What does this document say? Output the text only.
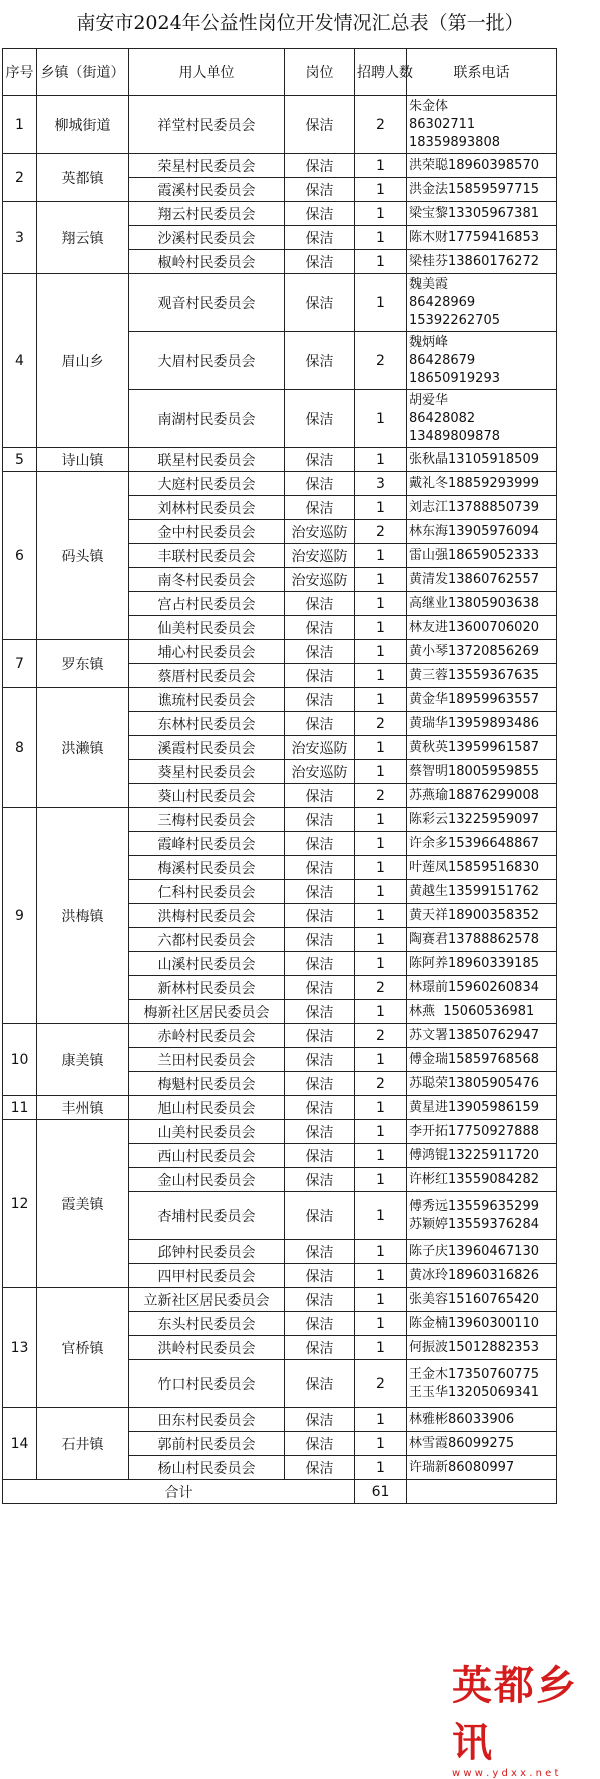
南安市2024年公益性岗位开发情况汇总表（第一批）
序号	乡镇（街道）	用人单位	岗位	招聘人数	联系电话
1	柳城街道	祥堂村民委员会	保洁	2	朱金体
86302711
18359893808
2	英都镇	荣星村民委员会	保洁	1	洪荣聪18960398570
		霞溪村民委员会	保洁	1	洪金法15859597715
3	翔云镇	翔云村民委员会	保洁	1	梁宝黎13305967381
		沙溪村民委员会	保洁	1	陈木财17759416853
		椒岭村民委员会	保洁	1	梁桂芬13860176272
4	眉山乡	观音村民委员会	保洁	1	魏美霞
86428969
15392262705
		大眉村民委员会	保洁	2	魏炳峰
86428679
18650919293
		南湖村民委员会	保洁	1	胡爱华
86428082
13489809878
5	诗山镇	联星村民委员会	保洁	1	张秋晶13105918509
6	码头镇	大庭村民委员会	保洁	3	戴礼冬18859293999
		刘林村民委员会	保洁	1	刘志江13788850739
		金中村民委员会	治安巡防	2	林东海13905976094
		丰联村民委员会	治安巡防	1	雷山强18659052333
		南冬村民委员会	治安巡防	1	黄清发13860762557
		宫占村民委员会	保洁	1	高继业13805903638
		仙美村民委员会	保洁	1	林友进13600706020
7	罗东镇	埔心村民委员会	保洁	1	黄小琴13720856269
		蔡厝村民委员会	保洁	1	黄三蓉13559367635
8	洪濑镇	谯琉村民委员会	保洁	1	黄金华18959963557
		东林村民委员会	保洁	2	黄瑞华13959893486
		溪霞村民委员会	治安巡防	1	黄秋英13959961587
		葵星村民委员会	治安巡防	1	蔡智明18005959855
		葵山村民委员会	保洁	2	苏燕瑜18876299008
9	洪梅镇	三梅村民委员会	保洁	1	陈彩云13225959097
		霞峰村民委员会	保洁	1	许余多15396648867
		梅溪村民委员会	保洁	1	叶莲凤15859516830
		仁科村民委员会	保洁	1	黄越生13599151762
		洪梅村民委员会	保洁	1	黄天祥18900358352
		六都村民委员会	保洁	1	陶赛君13788862578
		山溪村民委员会	保洁	1	陈阿养18960339185
		新林村民委员会	保洁	2	林璟前15960260834
		梅新社区居民委员会	保洁	1	林燕  15060536981
10	康美镇	赤岭村民委员会	保洁	2	苏文署13850762947
		兰田村民委员会	保洁	1	傅金瑞15859768568
		梅魁村民委员会	保洁	2	苏聪荣13805905476
11	丰州镇	旭山村民委员会	保洁	1	黄星进13905986159
12	霞美镇	山美村民委员会	保洁	1	李开拓17750927888
		西山村民委员会	保洁	1	傅鸿锟13225911720
		金山村民委员会	保洁	1	许彬红13559084282
		杏埔村民委员会	保洁	1	傅秀远13559635299
苏颖婷13559376284
		邱钟村民委员会	保洁	1	陈子庆13960467130
		四甲村民委员会	保洁	1	黄冰玲18960316826
13	官桥镇	立新社区居民委员会	保洁	1	张美容15160765420
		东头村民委员会	保洁	1	陈金楠13960300110
		洪岭村民委员会	保洁	1	何振波15012882353
		竹口村民委员会	保洁	2	王金木17350760775
王玉华13205069341
14	石井镇	田东村民委员会	保洁	1	林雅彬86033906
		郭前村民委员会	保洁	1	林雪霞86099275
		杨山村民委员会	保洁	1	许瑞新86080997
合计				61	
英都乡讯
w w w . y d x x . n e t
